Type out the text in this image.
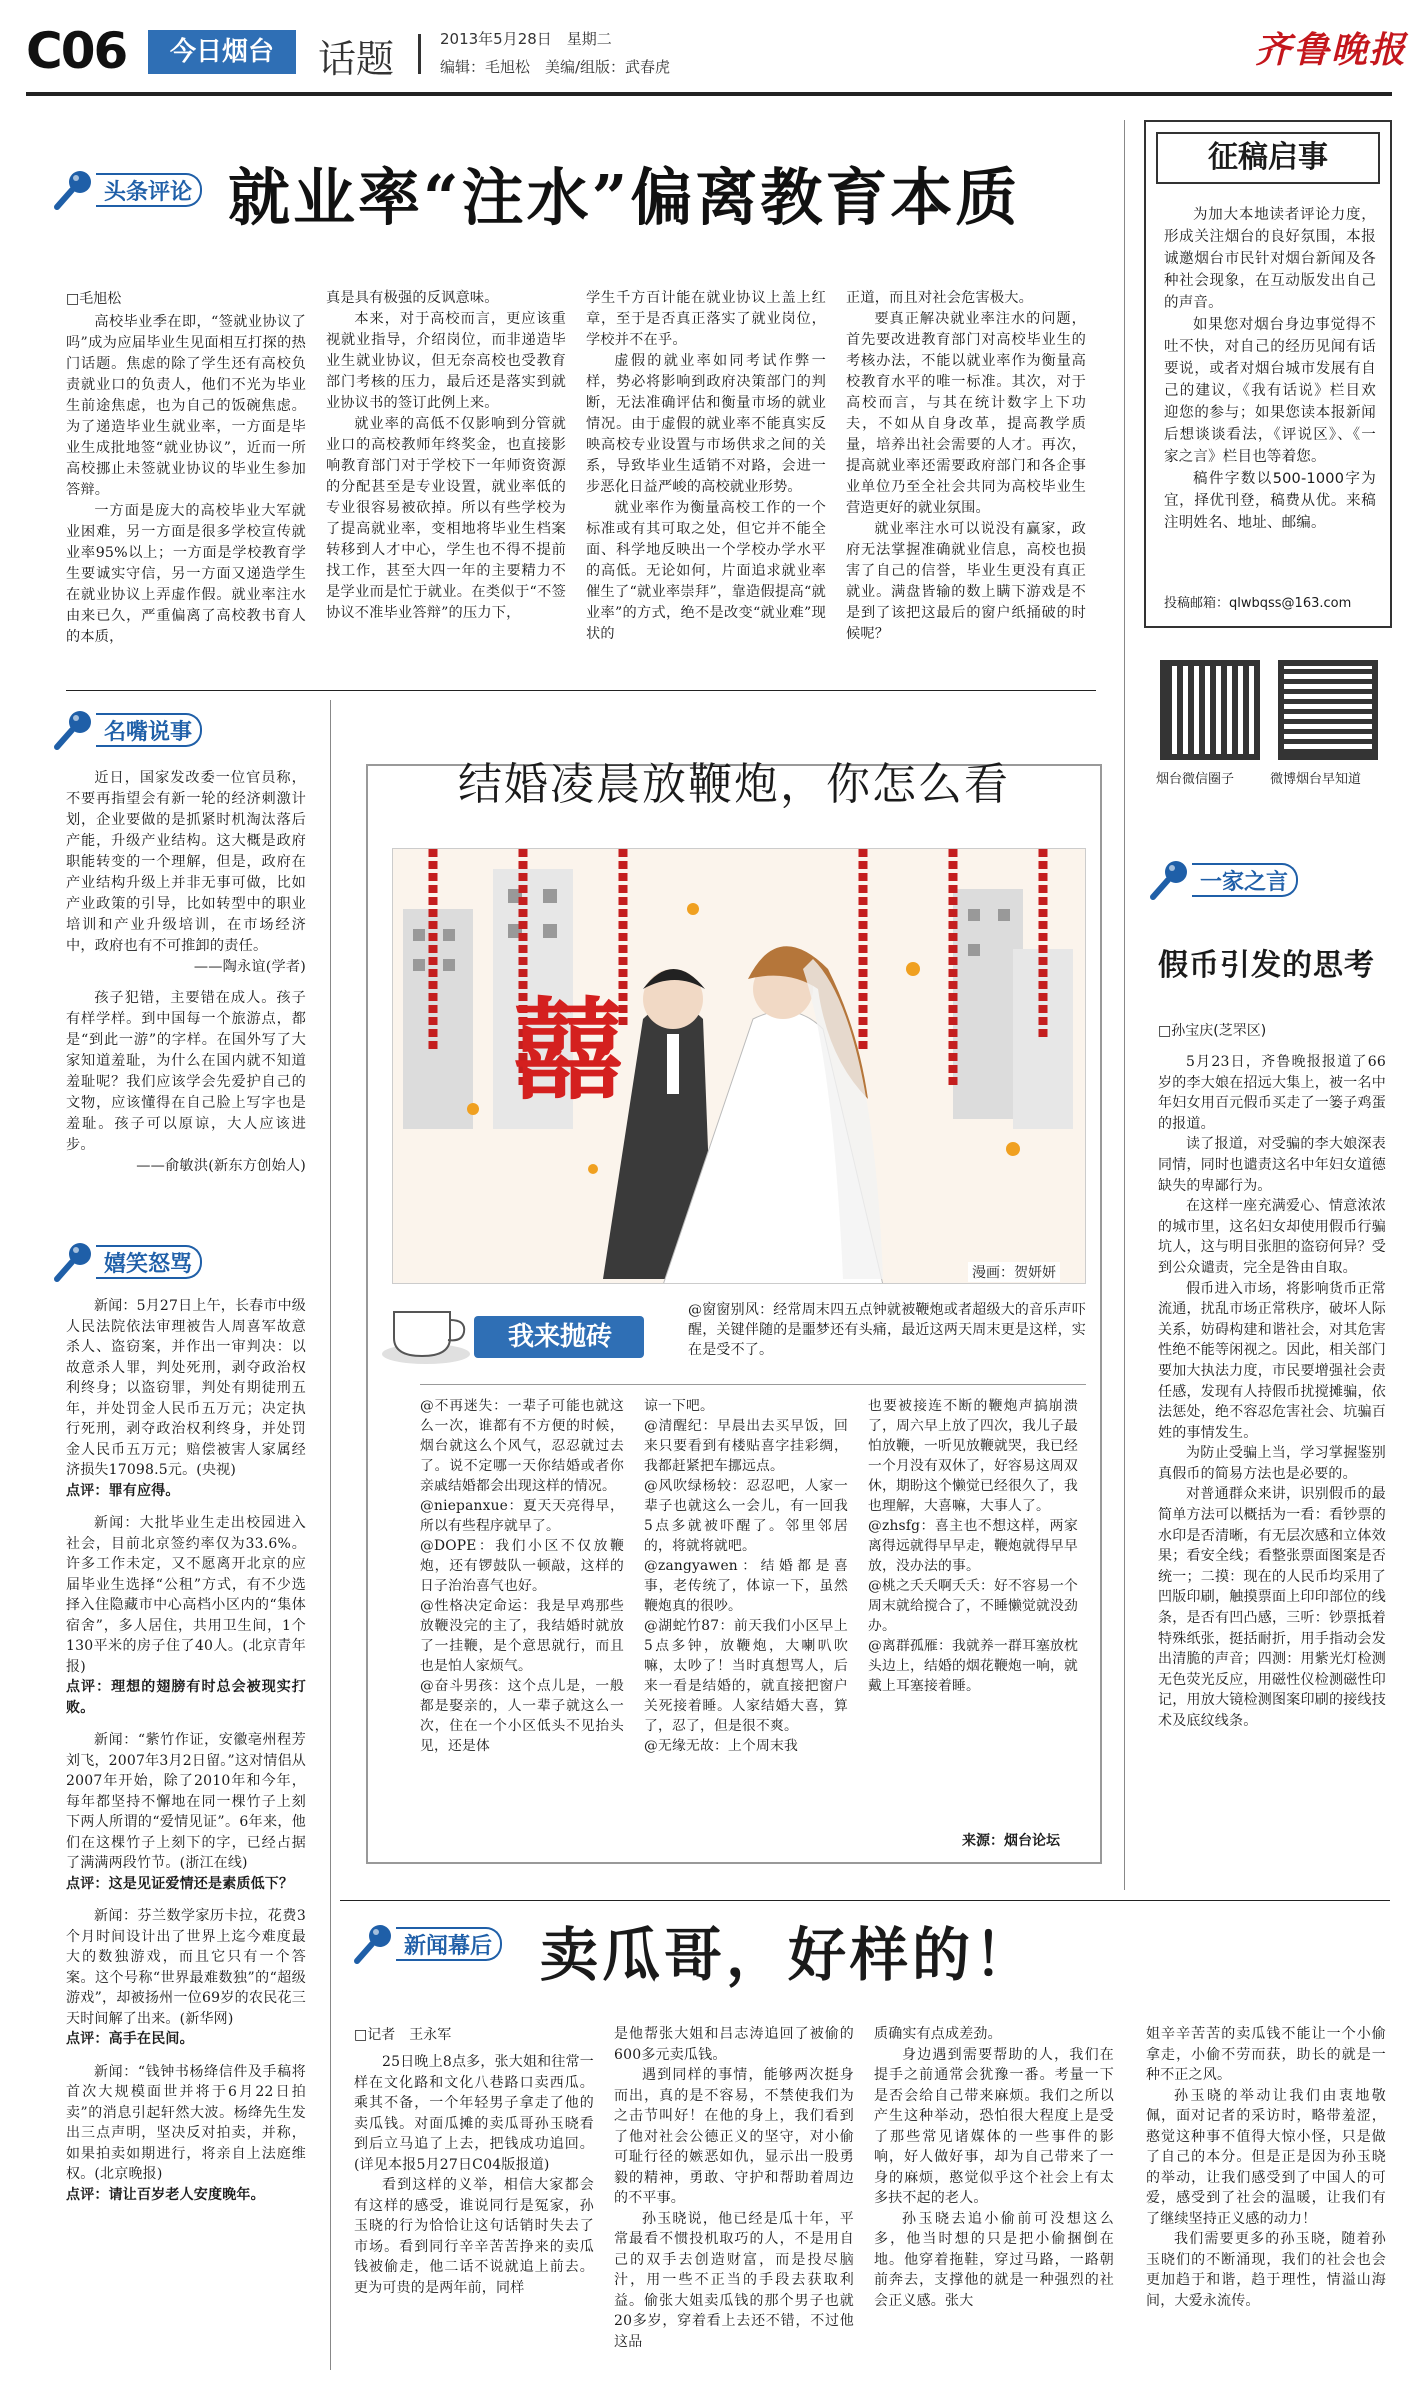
C06	今日烟台	话题	2013年5月28日　星期二
编辑：毛旭松　美编/组版：武春虎	齐鲁晚报
头条评论 就业率“注水”偏离教育本质
□毛旭松

高校毕业季在即，“签就业协议了吗”成为应届毕业生见面相互打探的热门话题。焦虑的除了学生还有高校负责就业口的负责人，他们不光为毕业生前途焦虑，也为自己的饭碗焦虑。为了递造毕业生就业率，一方面是毕业生成批地签“就业协议”，近而一所高校挪止未签就业协议的毕业生参加答辩。

一方面是庞大的高校毕业大军就业困难，另一方面是很多学校宣传就业率95%以上；一方面是学校教育学生要诚实守信，另一方面又递造学生在就业协议上弄虚作假。就业率注水由来已久，严重偏离了高校教书育人的本质，

真是具有极强的反讽意味。

本来，对于高校而言，更应该重视就业指导，介绍岗位，而非递造毕业生就业协议，但无奈高校也受教育部门考核的压力，最后还是落实到就业协议书的签订此例上来。

就业率的高低不仅影响到分管就业口的高校教师年终奖金，也直接影响教育部门对于学校下一年师资资源的分配甚至是专业设置，就业率低的专业很容易被砍掉。所以有些学校为了提高就业率，变相地将毕业生档案转移到人才中心，学生也不得不提前找工作，甚至大四一年的主要精力不是学业而是忙于就业。在类似于“不签协议不准毕业答辩”的压力下，

学生千方百计能在就业协议上盖上红章，至于是否真正落实了就业岗位，学校并不在乎。

虚假的就业率如同考试作弊一样，势必将影响到政府决策部门的判断，无法准确评估和衡量市场的就业情况。由于虚假的就业率不能真实反映高校专业设置与市场供求之间的关系，导致毕业生适销不对路，会进一步恶化日益严峻的高校就业形势。

就业率作为衡量高校工作的一个标准或有其可取之处，但它并不能全面、科学地反映出一个学校办学水平的高低。无论如何，片面追求就业率催生了“就业率崇拜”，靠造假提高“就业率”的方式，绝不是改变“就业难”现状的

正道，而且对社会危害极大。

要真正解决就业率注水的问题，首先要改进教育部门对高校毕业生的考核办法，不能以就业率作为衡量高校教育水平的唯一标准。其次，对于高校而言，与其在统计数字上下功夫，不如从自身改革，提高教学质量，培养出社会需要的人才。再次，提高就业率还需要政府部门和各企事业单位乃至全社会共同为高校毕业生营造更好的就业氛围。

就业率注水可以说没有赢家，政府无法掌握准确就业信息，高校也损害了自己的信誉，毕业生更没有真正就业。满盘皆输的数上瞒下游戏是不是到了该把这最后的窗户纸捅破的时候呢？

征稿启事

为加大本地读者评论力度，形成关注烟台的良好氛围，本报诚邀烟台市民针对烟台新闻及各种社会现象，在互动版发出自己的声音。

如果您对烟台身边事觉得不吐不快，对自己的经历见闻有话要说，或者对烟台城市发展有自己的建议，《我有话说》栏目欢迎您的参与；如果您读本报新闻后想谈谈看法，《评说区》、《一家之言》栏目也等着您。

稿件字数以500-1000字为宜，择优刊登，稿费从优。来稿注明姓名、地址、邮编。

投稿邮箱：qlwbqss@163.com
烟台微信圈子	微博烟台早知道
名嘴说事

近日，国家发改委一位官员称，不要再指望会有新一轮的经济刺激计划，企业要做的是抓紧时机淘汰落后产能，升级产业结构。这大概是政府职能转变的一个理解，但是，政府在产业结构升级上并非无事可做，比如产业政策的引导，比如转型中的职业培训和产业升级培训，在市场经济中，政府也有不可推卸的责任。

——陶永谊(学者)

孩子犯错，主要错在成人。孩子有样学样。到中国每一个旅游点，都是“到此一游”的字样。在国外写了大家知道羞耻，为什么在国内就不知道羞耻呢？我们应该学会先爱护自己的文物，应该懂得在自己脸上写字也是羞耻。孩子可以原谅，大人应该进步。

——俞敏洪(新东方创始人)

嬉笑怒骂

新闻：5月27日上午，长春市中级人民法院依法审理被告人周喜军故意杀人、盗窃案，并作出一审判决：以故意杀人罪，判处死刑，剥夺政治权利终身；以盗窃罪，判处有期徒刑五年，并处罚金人民币五万元；决定执行死刑，剥夺政治权利终身，并处罚金人民币五万元；赔偿被害人家属经济损失17098.5元。(央视)

点评：罪有应得。

新闻：大批毕业生走出校园进入社会，目前北京签约率仅为33.6%。许多工作未定，又不愿离开北京的应届毕业生选择“公租”方式，有不少选择入住隐藏市中心高档小区内的“集体宿舍”，多人居住，共用卫生间，1个130平米的房子住了40人。(北京青年报)

点评：理想的翅膀有时总会被现实打败。

新闻：“紫竹作证，安徽亳州程芳刘飞，2007年3月2日留。”这对情侣从2007年开始，除了2010年和今年，每年都坚持不懈地在同一棵竹子上刻下两人所谓的“爱情见证”。6年来，他们在这棵竹子上刻下的字，已经占据了满满两段竹节。(浙江在线)

点评：这是见证爱情还是素质低下？

新闻：芬兰数学家历卡拉，花费3个月时间设计出了世界上迄今难度最大的数独游戏，而且它只有一个答案。这个号称“世界最难数独”的“超级游戏”，却被扬州一位69岁的农民花三天时间解了出来。(新华网)

点评：高手在民间。

新闻：“钱钟书杨绛信件及手稿将首次大规模面世并将于6月22日拍卖”的消息引起轩然大波。杨绛先生发出三点声明，坚决反对拍卖，并称，如果拍卖如期进行，将亲自上法庭维权。(北京晚报)

点评：请让百岁老人安度晚年。

结婚凌晨放鞭炮，你怎么看
囍
漫画：贺妍妍
我来抛砖

@窗窗别风：经常周末四五点钟就被鞭炮或者超级大的音乐声吓醒，关键伴随的是噩梦还有头痛，最近这两天周末更是这样，实在是受不了。

@不再迷失：一辈子可能也就这么一次，谁都有不方便的时候，烟台就这么个风气，忍忍就过去了。说不定哪一天你结婚或者你亲戚结婚都会出现这样的情况。

@niepanxue：夏天天亮得早，所以有些程序就早了。

@DOPE：我们小区不仅放鞭炮，还有锣鼓队一顿敲，这样的日子治治喜气也好。

@性格决定命运：我是早鸡那些放鞭没完的主了，我结婚时就放了一挂鞭，是个意思就行，而且也是怕人家烦气。

@奋斗男孩：这个点儿是，一般都是娶亲的，人一辈子就这么一次，住在一个小区低头不见抬头见，还是体

谅一下吧。

@清醒纪：早晨出去买早饭，回来只要看到有楼贴喜字挂彩绸，我都赶紧把车挪远点。

@风吹绿杨较：忍忍吧，人家一辈子也就这么一会儿，有一回我5点多就被吓醒了。邻里邻居的，将就将就吧。

@zangyawen：结婚都是喜事，老传统了，体谅一下，虽然鞭炮真的很吵。

@湖蛇竹87：前天我们小区早上5点多钟，放鞭炮，大喇叭吹嘛，太吵了！当时真想骂人，后来一看是结婚的，就直接把窗户关死接着睡。人家结婚大喜，算了，忍了，但是很不爽。

@无缘无故：上个周末我

也要被接连不断的鞭炮声搞崩溃了，周六早上放了四次，我儿子最怕放鞭，一听见放鞭就哭，我已经一个月没有双休了，好容易这周双休，期盼这个懒觉已经很久了，我也理解，大喜嘛，大事人了。

@zhsfg：喜主也不想这样，两家离得远就得早早走，鞭炮就得早早放，没办法的事。

@桃之夭夭啊夭夭：好不容易一个周末就给搅合了，不睡懒觉就没劲办。

@离群孤雁：我就养一群耳塞放枕头边上，结婚的烟花鞭炮一响，就戴上耳塞接着睡。

来源：烟台论坛
一家之言
假币引发的思考
□孙宝庆(芝罘区)

5月23日，齐鲁晚报报道了66岁的李大娘在招远大集上，被一名中年妇女用百元假币买走了一篓子鸡蛋的报道。

读了报道，对受骗的李大娘深表同情，同时也谴责这名中年妇女道德缺失的卑鄙行为。

在这样一座充满爱心、情意浓浓的城市里，这名妇女却使用假币行骗坑人，这与明目张胆的盗窃何异？受到公众谴责，完全是咎由自取。

假币进入市场，将影响货币正常流通，扰乱市场正常秩序，破坏人际关系，妨碍构建和谐社会，对其危害性绝不能等闲视之。因此，相关部门要加大执法力度，市民要增强社会责任感，发现有人持假币扰搅摊骗，依法惩处，绝不容忍危害社会、坑骗百姓的事情发生。

为防止受骗上当，学习掌握鉴别真假币的简易方法也是必要的。

对普通群众来讲，识别假币的最简单方法可以概括为一看：看钞票的水印是否清晰，有无层次感和立体效果；看安全线；看整张票面图案是否统一；二摸：现在的人民币均采用了凹版印刷，触摸票面上印印部位的线条，是否有凹凸感，三听：钞票抵着特殊纸张，挺括耐折，用手指动会发出清脆的声音；四测：用紫光灯检测无色荧光反应，用磁性仪检测磁性印记，用放大镜检测图案印刷的接线技术及底纹线条。

新闻幕后 卖瓜哥，好样的！
□记者　王永军

25日晚上8点多，张大姐和往常一样在文化路和文化八巷路口卖西瓜。乘其不备，一个年轻男子拿走了他的卖瓜钱。对面瓜摊的卖瓜哥孙玉晓看到后立马追了上去，把钱成功追回。(详见本报5月27日C04版报道)

看到这样的义举，相信大家都会有这样的感受，谁说同行是冤家，孙玉晓的行为恰恰让这句话销时失去了市场。看到同行辛辛苦苦挣来的卖瓜钱被偷走，他二话不说就追上前去。更为可贵的是两年前，同样

是他帮张大姐和吕志涛追回了被偷的600多元卖瓜钱。

遇到同样的事情，能够两次挺身而出，真的是不容易，不禁使我们为之击节叫好！在他的身上，我们看到了他对社会公德正义的坚守，对小偷可耻行径的嫉恶如仇，显示出一股勇毅的精神，勇敢、守护和帮助着周边的不平事。

孙玉晓说，他已经是瓜十年，平常最看不惯投机取巧的人，不是用自己的双手去创造财富，而是投尽脑汁，用一些不正当的手段去获取利益。偷张大姐卖瓜钱的那个男子也就20多岁，穿着看上去还不错，不过他这品

质确实有点成差劲。

身边遇到需要帮助的人，我们在提手之前通常会犹豫一番。考量一下是否会给自己带来麻烦。我们之所以产生这种举动，恐怕很大程度上是受了那些常见诸媒体的一些事件的影响，好人做好事，却为自己带来了一身的麻烦，憨觉似乎这个社会上有太多扶不起的老人。

孙玉晓去追小偷前可没想这么多，他当时想的只是把小偷捆倒在地。他穿着拖鞋，穿过马路，一路朝前奔去，支撑他的就是一种强烈的社会正义感。张大

姐辛辛苦苦的卖瓜钱不能让一个小偷拿走，小偷不劳而获，助长的就是一种不正之风。

孙玉晓的举动让我们由衷地敬佩，面对记者的采访时，略带羞涩，憨觉这种事不值得大惊小怪，只是做了自己的本分。但是正是因为孙玉晓的举动，让我们感受到了中国人的可爱，感受到了社会的温暖，让我们有了继续坚持正义感的动力！

我们需要更多的孙玉晓，随着孙玉晓们的不断涌现，我们的社会也会更加趋于和谐，趋于理性，情溢山海间，大爱永流传。
